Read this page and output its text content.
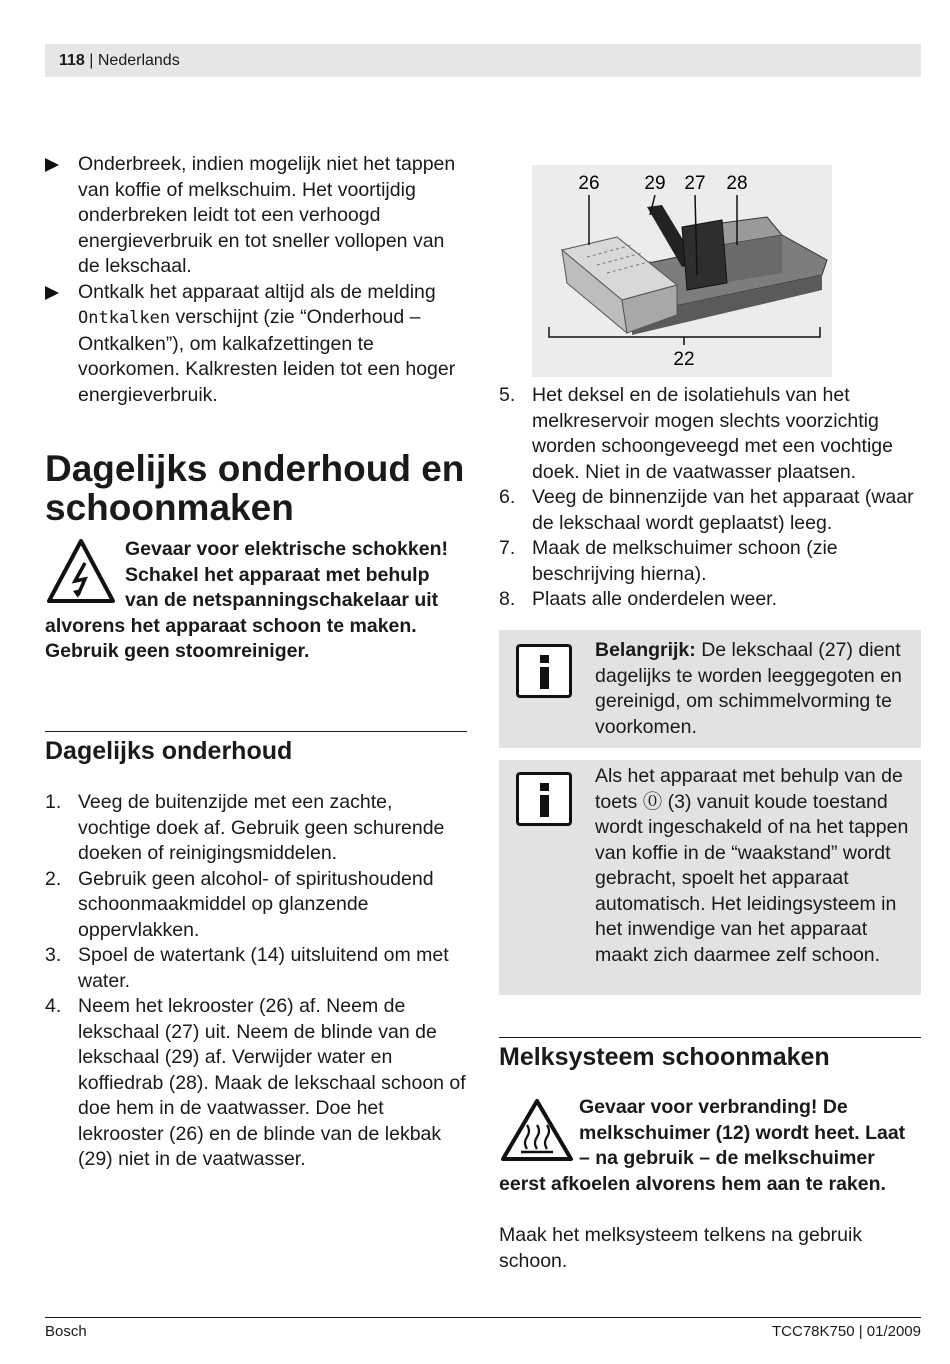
118 | Nederlands
Onderbreek, indien mogelijk niet het tappen van koffie of melkschuim. Het voortijdig onderbreken leidt tot een verhoogd energieverbruik en tot sneller vollopen van de lekschaal.
Ontkalk het apparaat altijd als de melding Ontkalken verschijnt (zie “Onderhoud – Ontkalken”), om kalkafzettingen te voorkomen. Kalkresten leiden tot een hoger energieverbruik.
Dagelijks onderhoud en schoonmaken
Gevaar voor elektrische schokken! Schakel het apparaat met behulp van de netspanningschakelaar uit alvorens het apparaat schoon te maken. Gebruik geen stoomreiniger.
Dagelijks onderhoud
1. Veeg de buitenzijde met een zachte, vochtige doek af. Gebruik geen schurende doeken of reinigingsmiddelen.
2. Gebruik geen alcohol- of spiritushoudend schoonmaakmiddel op glanzende oppervlakken.
3. Spoel de watertank (14) uitsluitend om met water.
4. Neem het lekrooster (26) af. Neem de lekschaal (27) uit. Neem de blinde van de lekschaal (29) af. Verwijder water en koffiedrab (28). Maak de lekschaal schoon of doe hem in de vaatwasser. Doe het lekrooster (26) en de blinde van de lekbak (29) niet in de vaatwasser.
26 29 27 28
22
5. Het deksel en de isolatiehuls van het melkreservoir mogen slechts voorzichtig worden schoongeveegd met een vochtige doek. Niet in de vaatwasser plaatsen.
6. Veeg de binnenzijde van het apparaat (waar de lekschaal wordt geplaatst) leeg.
7. Maak de melkschuimer schoon (zie beschrijving hierna).
8. Plaats alle onderdelen weer.
Belangrijk: De lekschaal (27) dient dagelijks te worden leeggegoten en gereinigd, om schimmelvorming te voorkomen.
Als het apparaat met behulp van de toets ⓪ (3) vanuit koude toestand wordt ingeschakeld of na het tappen van koffie in de “waakstand” wordt gebracht, spoelt het apparaat automatisch. Het leidingsysteem in het inwendige van het apparaat maakt zich daarmee zelf schoon.
Melksysteem schoonmaken
Gevaar voor verbranding! De melkschuimer (12) wordt heet. Laat – na gebruik – de melkschuimer eerst afkoelen alvorens hem aan te raken.
Maak het melksysteem telkens na gebruik schoon.
Bosch	TCC78K750 | 01/2009
